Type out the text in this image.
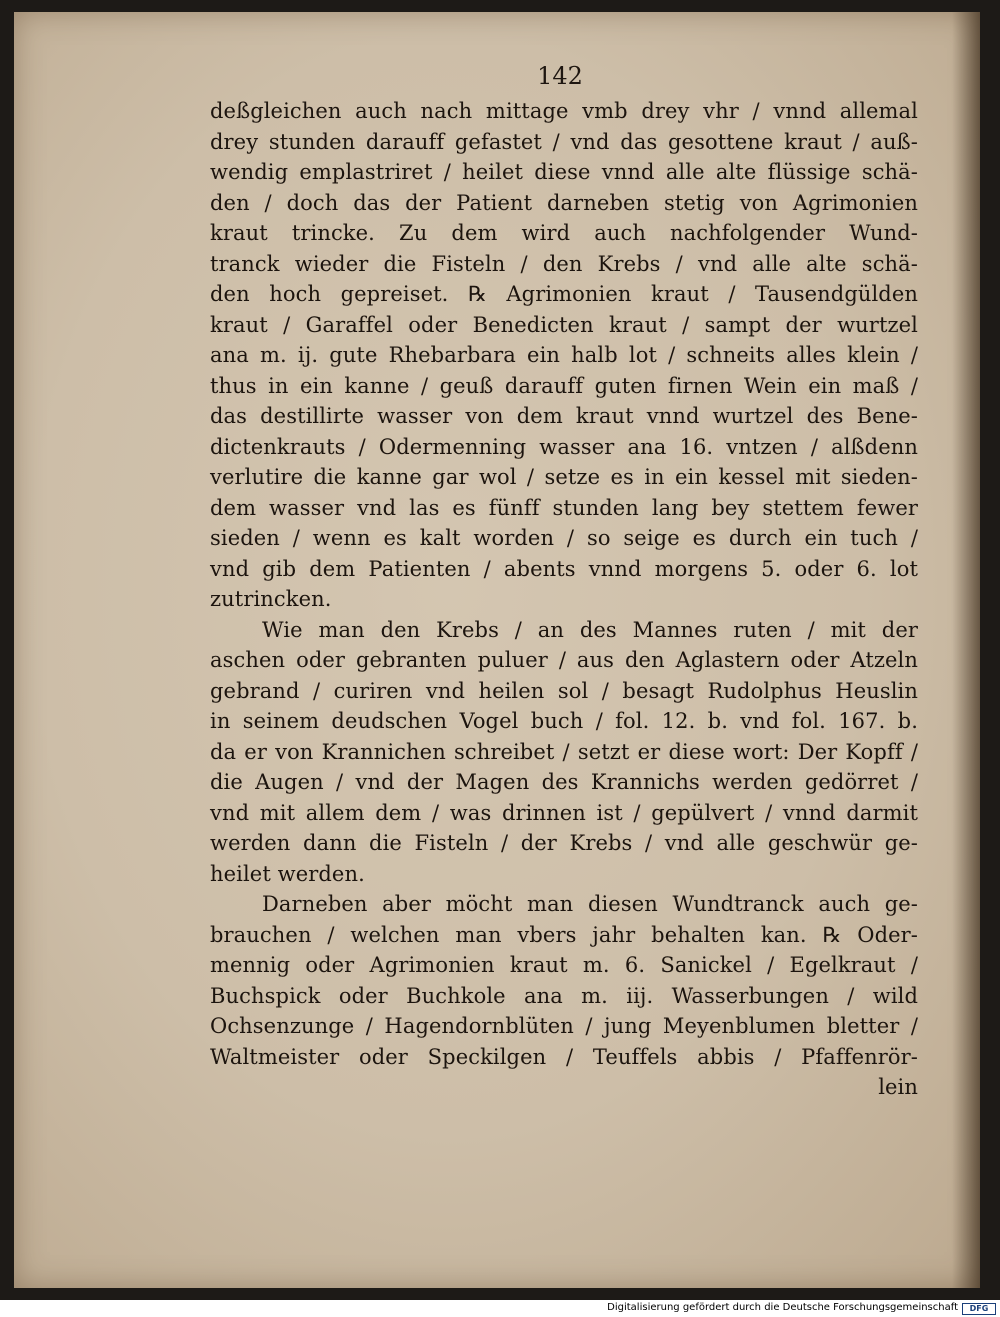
142
deßgleichen auch nach mittage vmb drey vhr / vnnd allemal
drey stunden darauff gefastet / vnd das gesottene kraut / auß-
wendig emplastriret / heilet diese vnnd alle alte flüssige schä-
den / doch das der Patient darneben stetig von Agrimonien
kraut trincke. Zu dem wird auch nachfolgender Wund-
tranck wieder die Fisteln / den Krebs / vnd alle alte schä-
den hoch gepreiset. ℞ Agrimonien kraut / Tausendgülden
kraut / Garaffel oder Benedicten kraut / sampt der wurtzel
ana m. ij. gute Rhebarbara ein halb lot / schneits alles klein /
thus in ein kanne / geuß darauff guten firnen Wein ein maß /
das destillirte wasser von dem kraut vnnd wurtzel des Bene-
dictenkrauts / Odermenning wasser ana 16. vntzen / alßdenn
verlutire die kanne gar wol / setze es in ein kessel mit sieden-
dem wasser vnd las es fünff stunden lang bey stettem fewer
sieden / wenn es kalt worden / so seige es durch ein tuch /
vnd gib dem Patienten / abents vnnd morgens 5. oder 6. lot
zutrincken.
Wie man den Krebs / an des Mannes ruten / mit der
aschen oder gebranten puluer / aus den Aglastern oder Atzeln
gebrand / curiren vnd heilen sol / besagt Rudolphus Heuslin
in seinem deudschen Vogel buch / fol. 12. b. vnd fol. 167. b.
da er von Krannichen schreibet / setzt er diese wort: Der Kopff /
die Augen / vnd der Magen des Krannichs werden gedörret /
vnd mit allem dem / was drinnen ist / gepülvert / vnnd darmit
werden dann die Fisteln / der Krebs / vnd alle geschwür ge-
heilet werden.
Darneben aber möcht man diesen Wundtranck auch ge-
brauchen / welchen man vbers jahr behalten kan. ℞ Oder-
mennig oder Agrimonien kraut m. 6. Sanickel / Egelkraut /
Buchspick oder Buchkole ana m. iij. Wasserbungen / wild
Ochsenzunge / Hagendornblüten / jung Meyenblumen bletter /
Waltmeister oder Speckilgen / Teuffels abbis / Pfaffenrör-
lein
Digitalisierung gefördert durch die Deutsche Forschungsgemeinschaft	DFG
